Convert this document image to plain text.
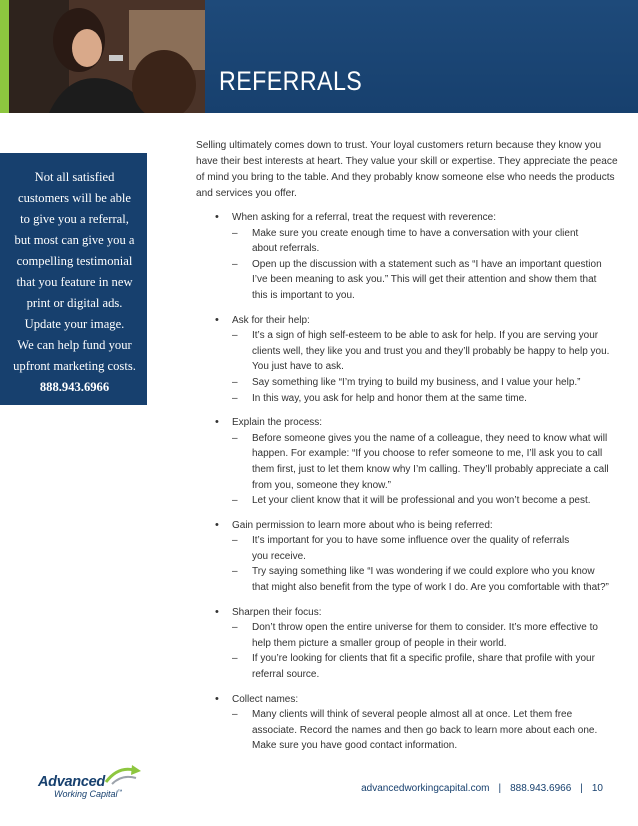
REFERRALS

Not all satisfied
customers will be able
to give you a referral,
but most can give you a
compelling testimonial
that you feature in new
print or digital ads.
Update your image.
We can help fund your
upfront marketing costs.
888.943.6966

Selling ultimately comes down to trust. Your loyal customers return because they know you
have their best interests at heart. They value your skill or expertise. They appreciate the peace
of mind you bring to the table. And they probably know someone else who needs the products
and services you offer.

• When asking for a referral, treat the request with reverence:
– Make sure you create enough time to have a conversation with your client
about referrals.
– Open up the discussion with a statement such as “I have an important question
I’ve been meaning to ask you.” This will get their attention and show them that
this is important to you.
• Ask for their help:
– It’s a sign of high self-esteem to be able to ask for help. If you are serving your
clients well, they like you and trust you and they’ll probably be happy to help you.
You just have to ask.
– Say something like “I’m trying to build my business, and I value your help.”
– In this way, you ask for help and honor them at the same time.
• Explain the process:
– Before someone gives you the name of a colleague, they need to know what will
happen. For example: “If you choose to refer someone to me, I’ll ask you to call
them first, just to let them know why I’m calling. They’ll probably appreciate a call
from you, someone they know.”
– Let your client know that it will be professional and you won’t become a pest.
• Gain permission to learn more about who is being referred:
– It’s important for you to have some influence over the quality of referrals
you receive.
– Try saying something like “I was wondering if we could explore who you know
that might also benefit from the type of work I do. Are you comfortable with that?”
• Sharpen their focus:
– Don’t throw open the entire universe for them to consider. It’s more effective to
help them picture a smaller group of people in their world.
– If you’re looking for clients that fit a specific profile, share that profile with your
referral source.
• Collect names:
– Many clients will think of several people almost all at once. Let them free
associate. Record the names and then go back to learn more about each one.
Make sure you have good contact information.
Advanced
Working Capital™	advancedworkingcapital.com | 888.943.6966 | 10
